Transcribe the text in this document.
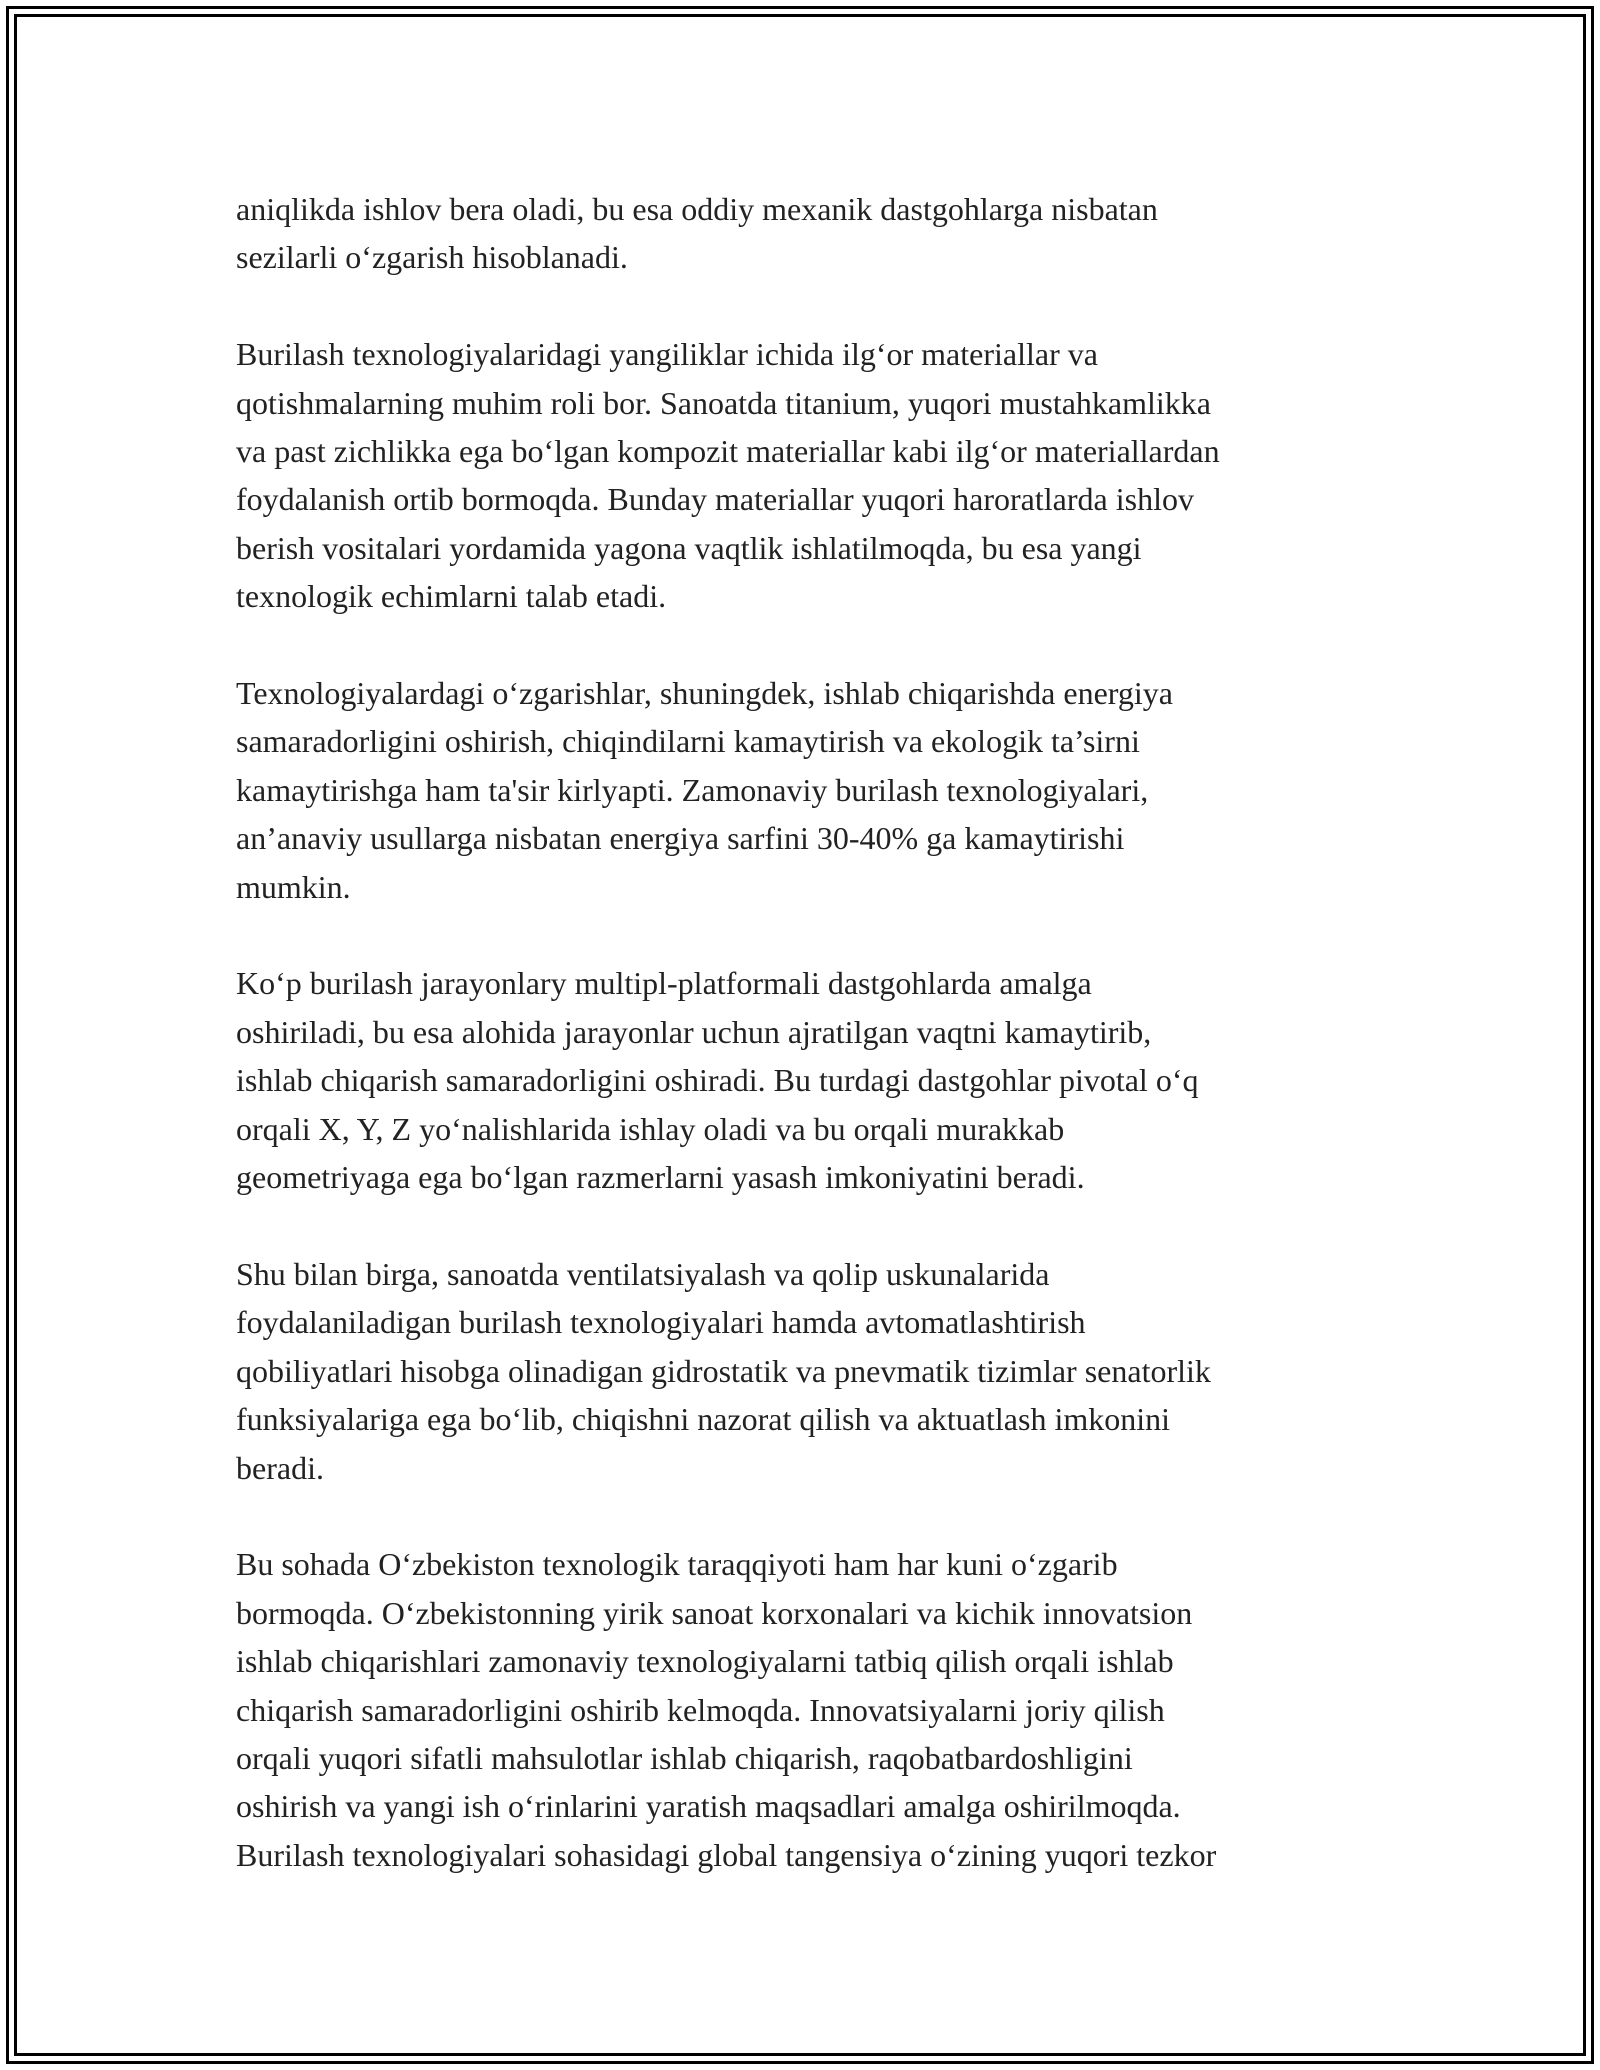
aniqlikda ishlov bera oladi, bu esa oddiy mexanik dastgohlarga nisbatan
sezilarli o‘zgarish hisoblanadi.

Burilash texnologiyalaridagi yangiliklar ichida ilg‘or materiallar va
qotishmalarning muhim roli bor. Sanoatda titanium, yuqori mustahkamlikka
va past zichlikka ega bo‘lgan kompozit materiallar kabi ilg‘or materiallardan
foydalanish ortib bormoqda. Bunday materiallar yuqori haroratlarda ishlov
berish vositalari yordamida yagona vaqtlik ishlatilmoqda, bu esa yangi
texnologik echimlarni talab etadi.

Texnologiyalardagi o‘zgarishlar, shuningdek, ishlab chiqarishda energiya
samaradorligini oshirish, chiqindilarni kamaytirish va ekologik ta’sirni
kamaytirishga ham ta'sir kirlyapti. Zamonaviy burilash texnologiyalari,
an’anaviy usullarga nisbatan energiya sarfini 30-40% ga kamaytirishi
mumkin.

Ko‘p burilash jarayonlary multipl-platformali dastgohlarda amalga
oshiriladi, bu esa alohida jarayonlar uchun ajratilgan vaqtni kamaytirib,
ishlab chiqarish samaradorligini oshiradi. Bu turdagi dastgohlar pivotal o‘q
orqali X, Y, Z yo‘nalishlarida ishlay oladi va bu orqali murakkab
geometriyaga ega bo‘lgan razmerlarni yasash imkoniyatini beradi.

Shu bilan birga, sanoatda ventilatsiyalash va qolip uskunalarida
foydalaniladigan burilash texnologiyalari hamda avtomatlashtirish
qobiliyatlari hisobga olinadigan gidrostatik va pnevmatik tizimlar senatorlik
funksiyalariga ega bo‘lib, chiqishni nazorat qilish va aktuatlash imkonini
beradi.

Bu sohada O‘zbekiston texnologik taraqqiyoti ham har kuni o‘zgarib
bormoqda. O‘zbekistonning yirik sanoat korxonalari va kichik innovatsion
ishlab chiqarishlari zamonaviy texnologiyalarni tatbiq qilish orqali ishlab
chiqarish samaradorligini oshirib kelmoqda. Innovatsiyalarni joriy qilish
orqali yuqori sifatli mahsulotlar ishlab chiqarish, raqobatbardoshligini
oshirish va yangi ish o‘rinlarini yaratish maqsadlari amalga oshirilmoqda.
Burilash texnologiyalari sohasidagi global tangensiya o‘zining yuqori tezkor
